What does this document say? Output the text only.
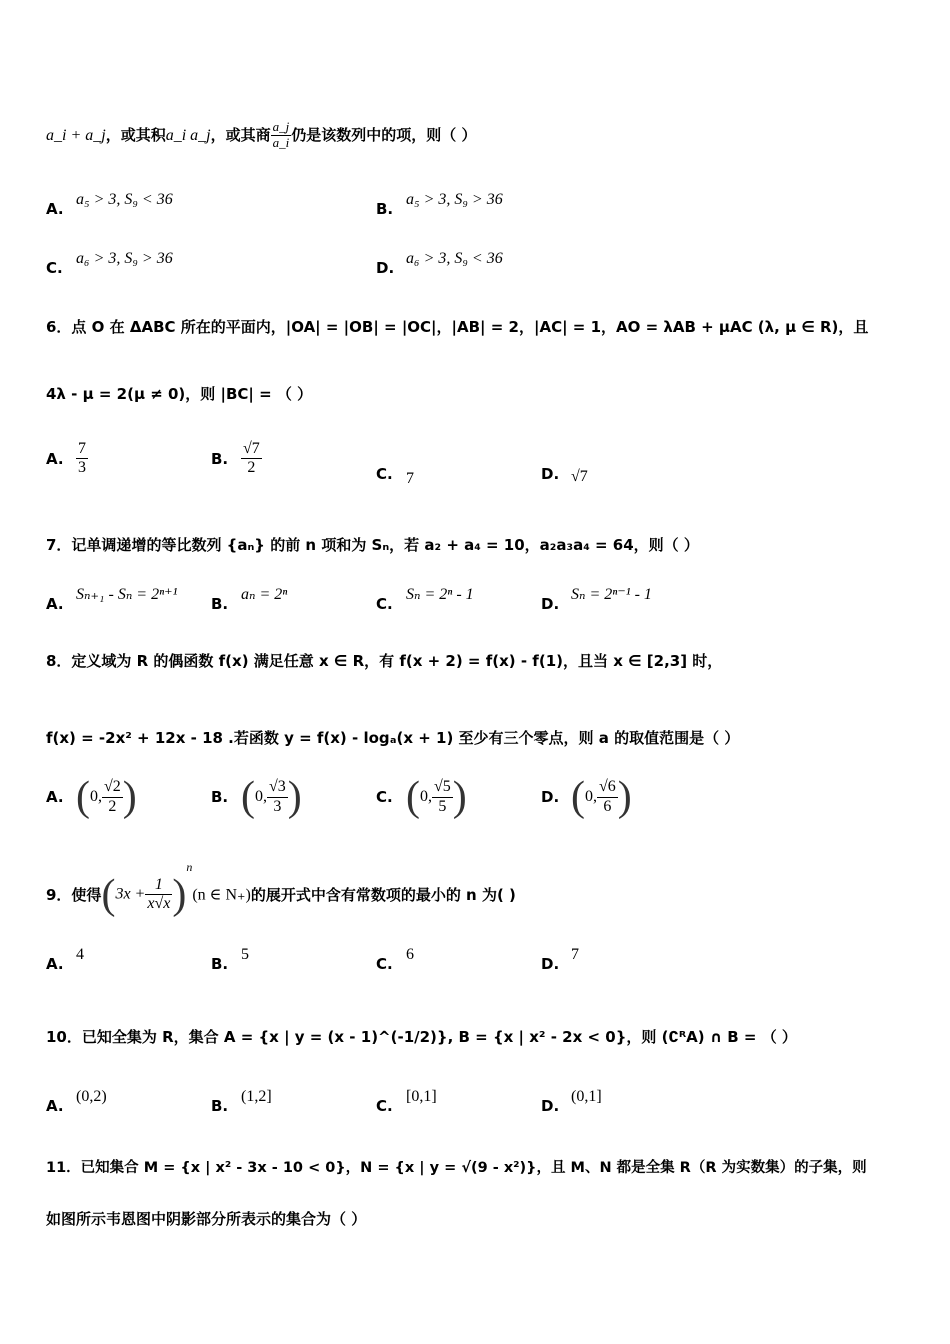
a_i + a_j，或其积a_i a_j，或其商 $\frac{a\_j}{a\_i}$ 仍是该数列中的项，则（ ）
A.a₅ > 3, S₉ < 36
B.a₅ > 3, S₉ > 36
C.a₆ > 3, S₉ > 36
D.a₆ > 3, S₉ < 36
6．点 O 在 ΔABC 所在的平面内，|OA| = |OB| = |OC|，|AB| = 2，|AC| = 1，AO = λAB + μAC (λ, μ ∈ R)，且
4λ - μ = 2(μ ≠ 0)，则 |BC| = （ ）
A. $\frac{7}{3}$	B. $\frac{√7}{2}$	C. 7	D. √7
7．记单调递增的等比数列 {aₙ} 的前 n 项和为 Sₙ，若 a₂ + a₄ = 10，a₂a₃a₄ = 64，则（ ）
A.Sₙ₊₁ - Sₙ = 2ⁿ⁺¹
B.aₙ = 2ⁿ
C.Sₙ = 2ⁿ - 1
D.Sₙ = 2ⁿ⁻¹ - 1
8．定义域为 R 的偶函数 f(x) 满足任意 x ∈ R，有 f(x + 2) = f(x) - f(1)，且当 x ∈ [2,3] 时，
f(x) = -2x² + 12x - 18 .若函数 y = f(x) - logₐ(x + 1) 至少有三个零点，则 a 的取值范围是（ ）
A. (0, $\frac{√2}{2}$ )	B. (0, $\frac{√3}{3}$ )	C. (0, $\frac{√5}{5}$ )	D. (0, $\frac{√6}{6}$ )
9．使得$(3x + \frac{1}{x√x} )^n(n$ ∈ N₊)的展开式中含有常数项的最小的 n 为( )
A.4
B.5
C.6
D.7
10．已知全集为 R，集合 A = {x | y = (x - 1)^(-1/2)}, B = {x | x² - 2x < 0}，则 (∁ᴿA) ∩ B = （ ）
A.(0,2)
B.(1,2]
C.[0,1]
D.(0,1]
11．已知集合 M = {x | x² - 3x - 10 < 0}，N = {x | y = √(9 - x²)}，且 M、N 都是全集 R（R 为实数集）的子集，则
如图所示韦恩图中阴影部分所表示的集合为（ ）
